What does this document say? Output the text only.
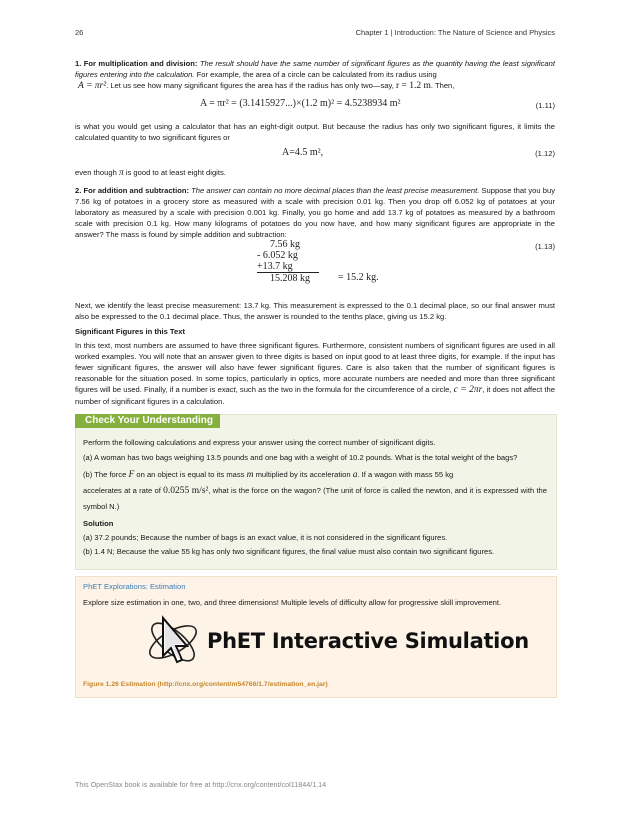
26	Chapter 1 | Introduction: The Nature of Science and Physics
1. For multiplication and division: The result should have the same number of significant figures as the quantity having the least significant figures entering into the calculation. For example, the area of a circle can be calculated from its radius using
A = πr². Let us see how many significant figures the area has if the radius has only two—say, r = 1.2 m. Then,
A = πr² = (3.1415927...)×(1.2 m)² = 4.5238934 m²	(1.11)
is what you would get using a calculator that has an eight-digit output. But because the radius has only two significant figures, it limits the calculated quantity to two significant figures or
A=4.5 m²,	(1.12)
even though π is good to at least eight digits.
2. For addition and subtraction: The answer can contain no more decimal places than the least precise measurement. Suppose that you buy 7.56 kg of potatoes in a grocery store as measured with a scale with precision 0.01 kg. Then you drop off 6.052 kg of potatoes at your laboratory as measured by a scale with precision 0.001 kg. Finally, you go home and add 13.7 kg of potatoes as measured by a bathroom scale with precision 0.1 kg. How many kilograms of potatoes do you now have, and how many significant figures are appropriate in the answer? The mass is found by simple addition and subtraction:
7.56 kg
- 6.052 kg
+13.7 kg
15.208 kg	= 15.2 kg.
(1.13)
Next, we identify the least precise measurement: 13.7 kg. This measurement is expressed to the 0.1 decimal place, so our final answer must also be expressed to the 0.1 decimal place. Thus, the answer is rounded to the tenths place, giving us 15.2 kg.
Significant Figures in this Text
In this text, most numbers are assumed to have three significant figures. Furthermore, consistent numbers of significant figures are used in all worked examples. You will note that an answer given to three digits is based on input good to at least three digits, for example. If the input has fewer significant figures, the answer will also have fewer significant figures. Care is also taken that the number of significant figures is reasonable for the situation posed. In some topics, particularly in optics, more accurate numbers are needed and more than three significant figures will be used. Finally, if a number is exact, such as the two in the formula for the circumference of a circle, c = 2πr, it does not affect the number of significant figures in a calculation.
Check Your Understanding
Perform the following calculations and express your answer using the correct number of significant digits.
(a) A woman has two bags weighing 13.5 pounds and one bag with a weight of 10.2 pounds. What is the total weight of the bags?
(b) The force F on an object is equal to its mass m multiplied by its acceleration a. If a wagon with mass 55 kg
accelerates at a rate of 0.0255 m/s², what is the force on the wagon? (The unit of force is called the newton, and it is expressed with the symbol N.)
Solution
(a) 37.2 pounds; Because the number of bags is an exact value, it is not considered in the significant figures.
(b) 1.4 N; Because the value 55 kg has only two significant figures, the final value must also contain two significant figures.
PhET Explorations: Estimation
Explore size estimation in one, two, and three dimensions! Multiple levels of difficulty allow for progressive skill improvement.
PhET Interactive Simulation
Figure 1.26 Estimation (http://cnx.org/content/m54766/1.7/estimation_en.jar)
This OpenStax book is available for free at http://cnx.org/content/col11844/1.14
